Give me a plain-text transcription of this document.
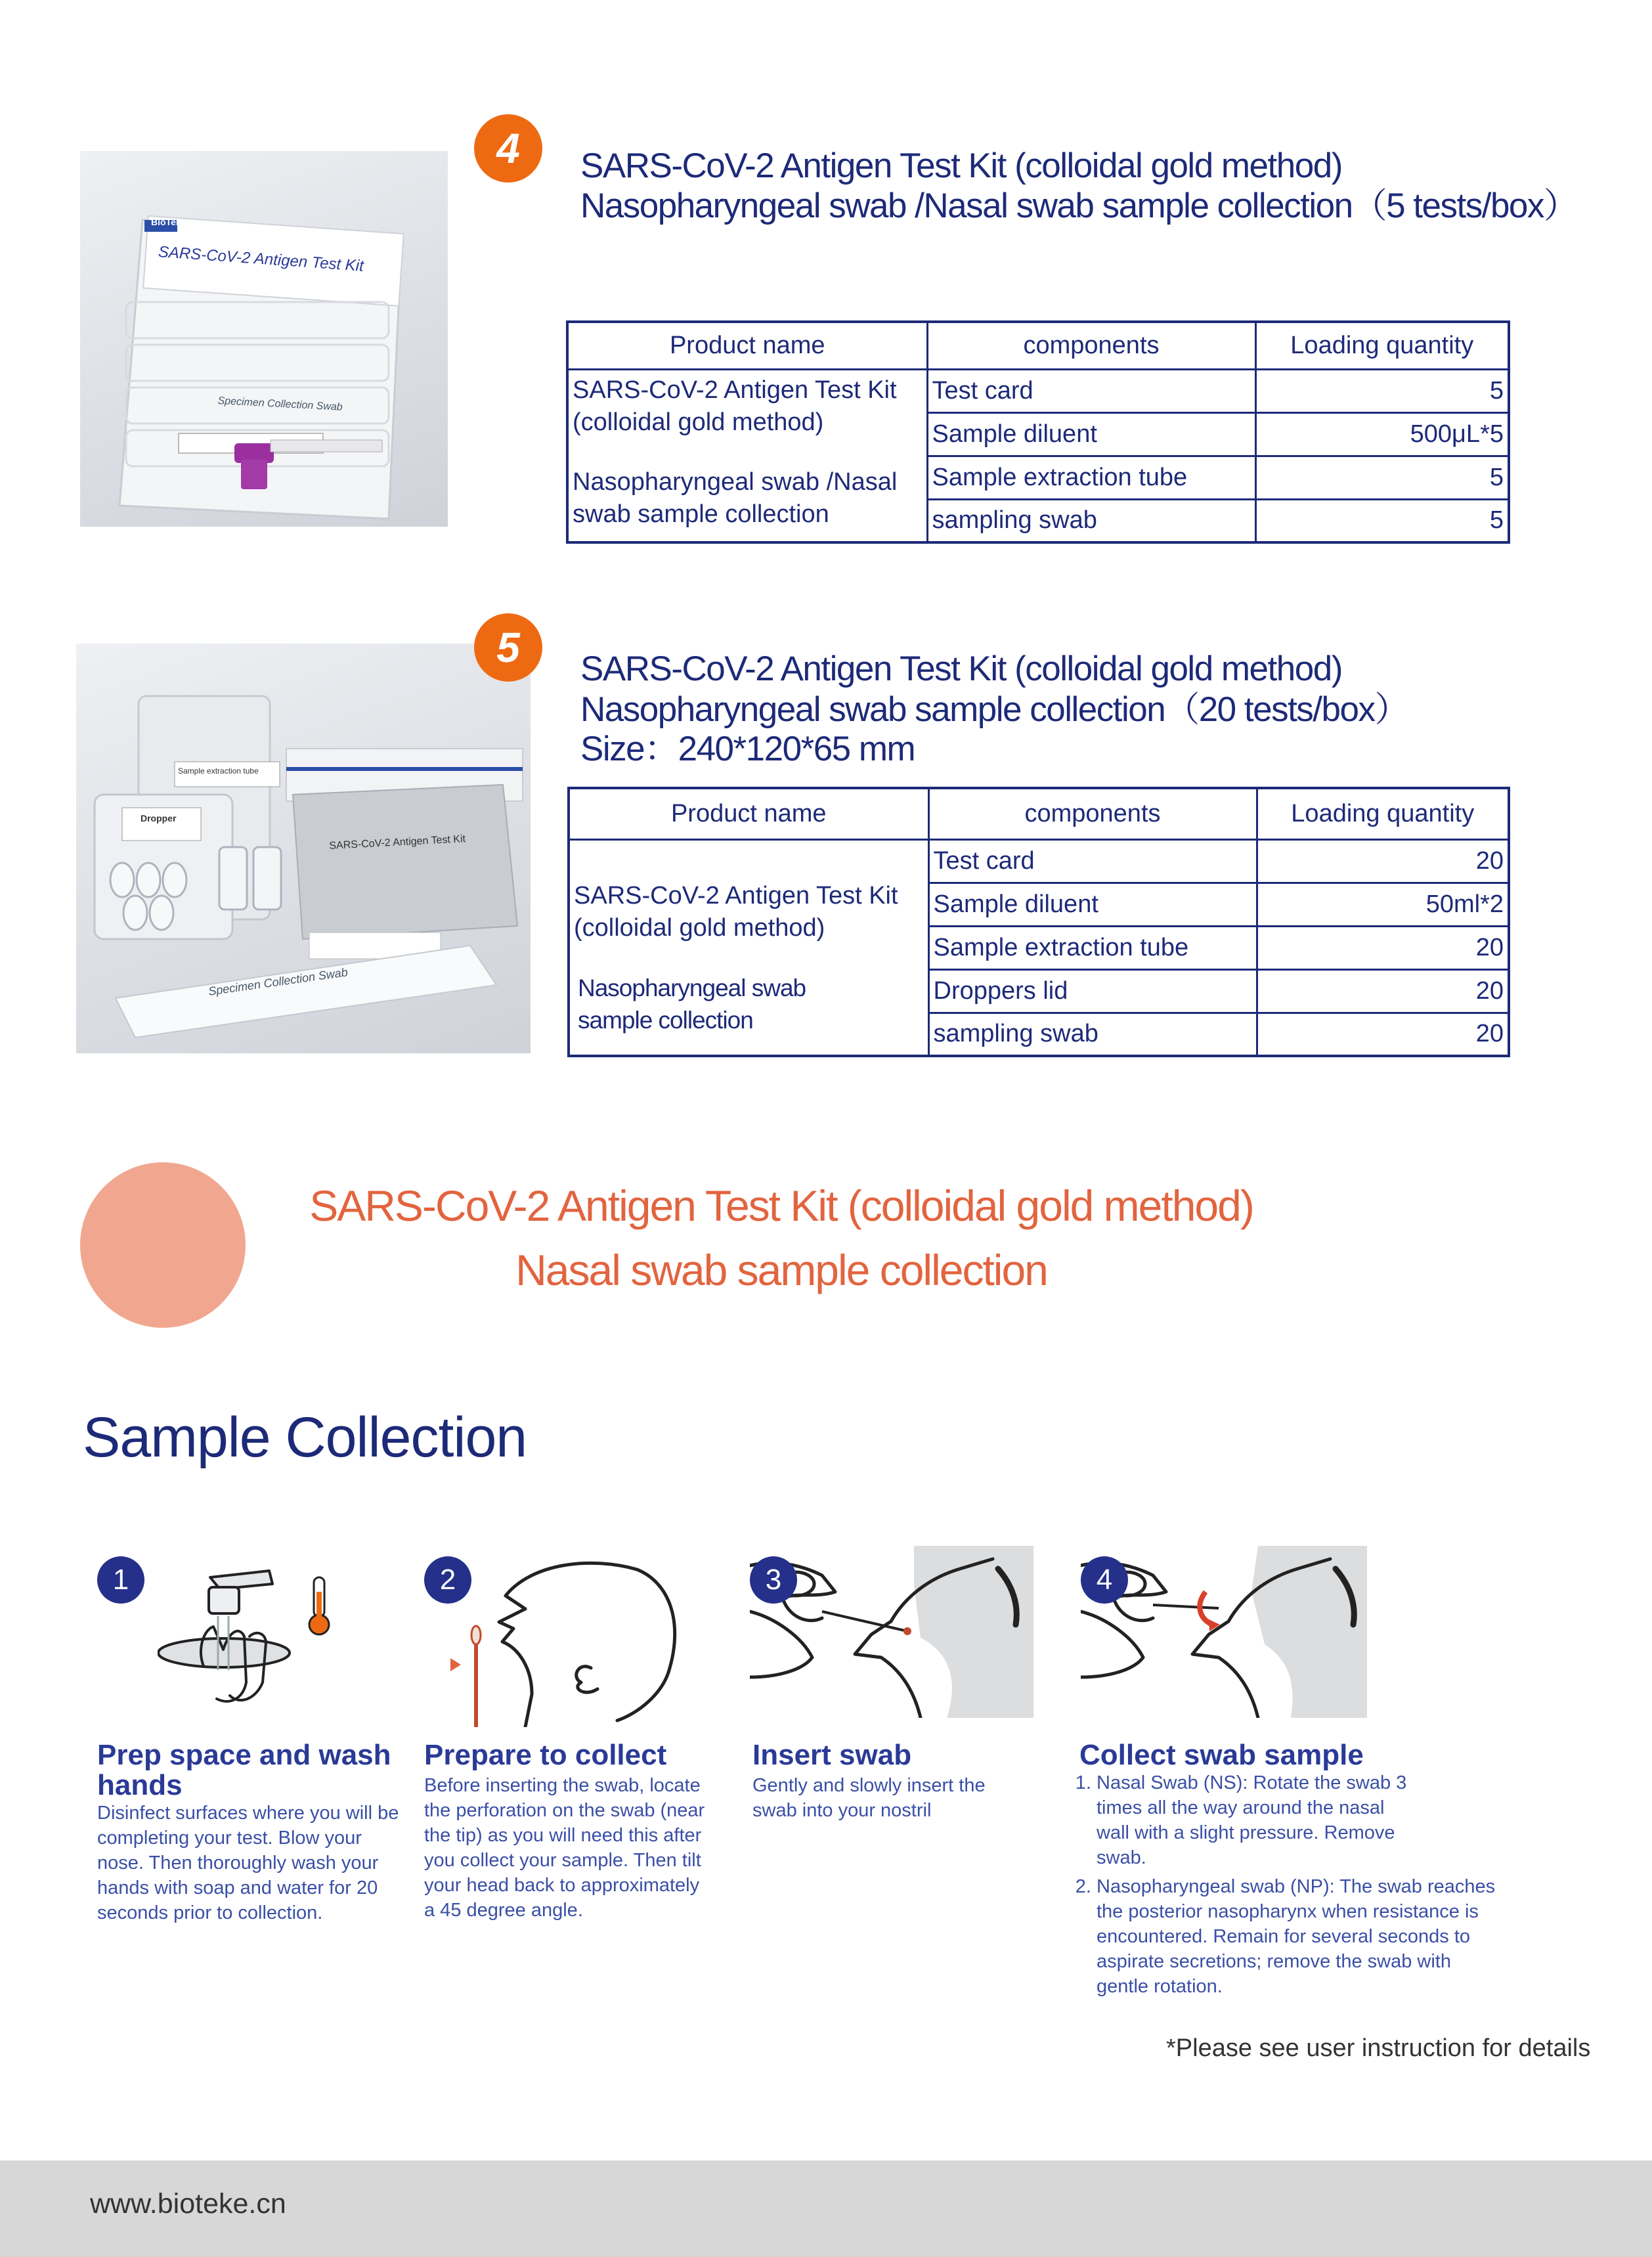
BioTeke
SARS-CoV-2 Antigen Test Kit
Specimen Collection Swab
4	SARS-CoV-2 Antigen Test Kit (colloidal gold method)
Nasopharyngeal swab /Nasal swab sample collection（5 tests/box）
Product name	components	Loading quantity
SARS-CoV-2 Antigen Test Kit (colloidal gold method)
Nasopharyngeal swab /Nasal swab sample collection	Test card	5
	Sample diluent	500μL*5
	Sample extraction tube	5
	sampling swab	5
Dropper
Sample extraction tube
SARS-CoV-2 Antigen Test Kit
Specimen Collection Swab
5	SARS-CoV-2 Antigen Test Kit (colloidal gold method)
Nasopharyngeal swab sample collection（20 tests/box）
Size：240*120*65 mm
Product name	components	Loading quantity
SARS-CoV-2 Antigen Test Kit (colloidal gold method)
Nasopharyngeal swab sample collection	Test card	20
	Sample diluent	50ml*2
	Sample extraction tube	20
	Droppers lid	20
	sampling swab	20
SARS-CoV-2 Antigen Test Kit (colloidal gold method)
Nasal swab sample collection
Sample Collection
1
Prep space and wash hands
Disinfect surfaces where you will be completing your test. Blow your nose. Then thoroughly wash your hands with soap and water for 20 seconds prior to collection.
2
Prepare to collect
Before inserting the swab, locate the perforation on the swab (near the tip) as you will need this after you collect your sample. Then tilt your head back to approximately a 45 degree angle.
3
Insert swab
Gently and slowly insert the swab into your nostril
4
Collect swab sample
1. Nasal Swab (NS): Rotate the swab 3 times all the way around the nasal wall with a slight pressure. Remove swab.
2. Nasopharyngeal swab (NP): The swab reaches the posterior nasopharynx when resistance is encountered. Remain for several seconds to aspirate secretions; remove the swab with gentle rotation.
*Please see user instruction for details
www.bioteke.cn
